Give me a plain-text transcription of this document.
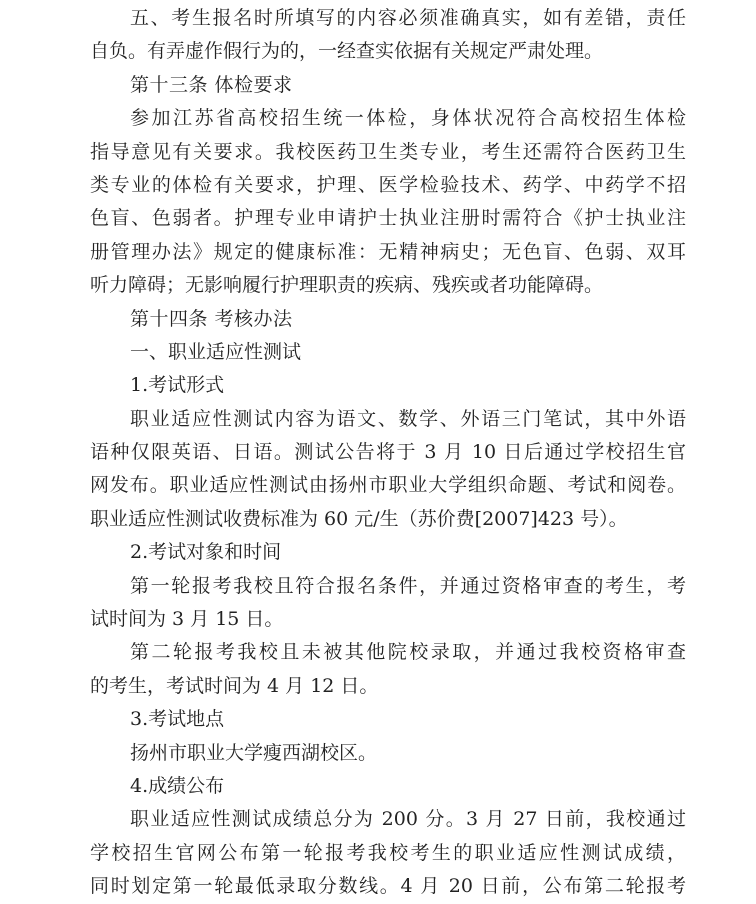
五、考生报名时所填写的内容必须准确真实，如有差错，责任
自负。有弄虚作假行为的，一经查实依据有关规定严肃处理。
第十三条 体检要求
参加江苏省高校招生统一体检，身体状况符合高校招生体检
指导意见有关要求。我校医药卫生类专业，考生还需符合医药卫生
类专业的体检有关要求，护理、医学检验技术、药学、中药学不招
色盲、色弱者。护理专业申请护士执业注册时需符合《护士执业注
册管理办法》规定的健康标准：无精神病史；无色盲、色弱、双耳
听力障碍；无影响履行护理职责的疾病、残疾或者功能障碍。
第十四条 考核办法
一、职业适应性测试
1.考试形式
职业适应性测试内容为语文、数学、外语三门笔试，其中外语
语种仅限英语、日语。测试公告将于 3 月 10 日后通过学校招生官
网发布。职业适应性测试由扬州市职业大学组织命题、考试和阅卷。
职业适应性测试收费标准为 60 元/生（苏价费[2007]423 号）。
2.考试对象和时间
第一轮报考我校且符合报名条件，并通过资格审查的考生，考
试时间为 3 月 15 日。
第二轮报考我校且未被其他院校录取，并通过我校资格审查
的考生，考试时间为 4 月 12 日。
3.考试地点
扬州市职业大学瘦西湖校区。
4.成绩公布
职业适应性测试成绩总分为 200 分。3 月 27 日前，我校通过
学校招生官网公布第一轮报考我校考生的职业适应性测试成绩，
同时划定第一轮最低录取分数线。4 月 20 日前，公布第二轮报考
